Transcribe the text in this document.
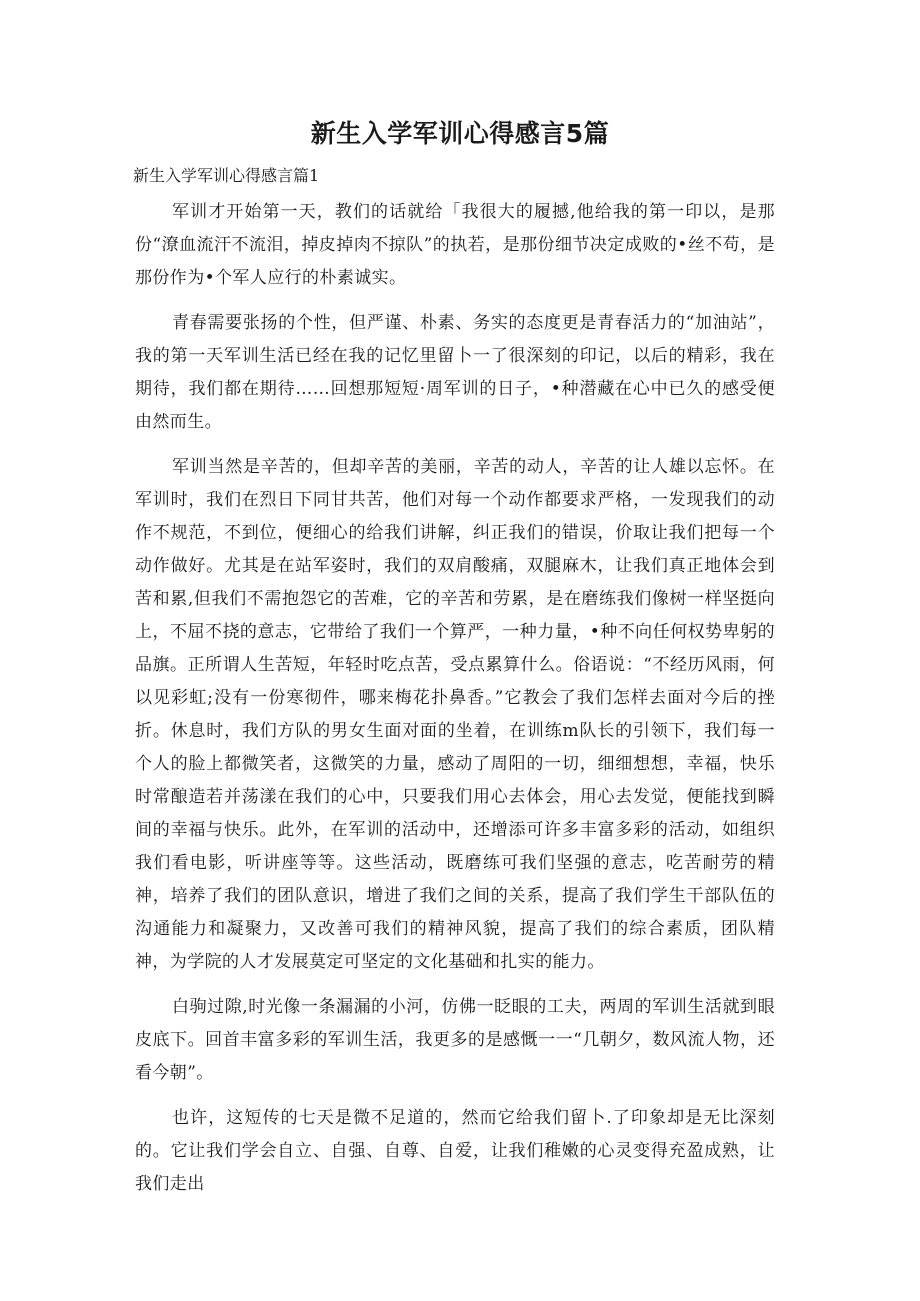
新生入学军训心得感言5篇

新生入学军训心得感言篇1

军训才开始第一天，教们的话就给「我很大的履撼,他给我的第一印以，是那份“潦血流汗不流泪，掉皮掉肉不掠队”的执若，是那份细节决定成败的•丝不苟，是那份作为•个军人应行的朴素诚实。

青春需要张扬的个性，但严谨、朴素、务实的态度更是青春活力的“加油站”，我的第一天军训生活已经在我的记忆里留卜一了很深刻的印记，以后的精彩，我在期待，我们都在期待……回想那短短·周军训的日子，•种潜藏在心中已久的感受便由然而生。

军训当然是辛苦的，但却辛苦的美丽，辛苦的动人，辛苦的让人雄以忘怀。在军训时，我们在烈日下同甘共苦，他们对每一个动作都要求严格，一发现我们的动作不规范，不到位，便细心的给我们讲解，纠正我们的错误，价取让我们把每一个动作做好。尤其是在站军姿时，我们的双肩酸痛，双腿麻木，让我们真正地体会到苦和累,但我们不需抱怨它的苦难，它的辛苦和劳累，是在磨练我们像树一样坚挺向上，不屈不挠的意志，它带给了我们一个算严，一种力量，•种不向任何权势卑躬的品旗。正所谓人生苦短，年轻时吃点苦，受点累算什么。俗语说：“不经历风雨，何以见彩虹;没有一份寒彻件，哪来梅花扑鼻香。”它教会了我们怎样去面对今后的挫折。休息时，我们方队的男女生面对面的坐着，在训练m队长的引领下，我们每一个人的脸上都微笑者，这微笑的力量，感动了周阳的一切，细细想想，幸福，快乐时常酿造若并荡漾在我们的心中，只要我们用心去体会，用心去发觉，便能找到瞬间的幸福与快乐。此外，在军训的活动中，还增添可许多丰富多彩的活动，如组织我们看电影，听讲座等等。这些活动，既磨练可我们坚强的意志，吃苦耐劳的精神，培养了我们的团队意识，增进了我们之间的关系，提高了我们学生干部队伍的沟通能力和凝聚力，又改善可我们的精神风貌，提高了我们的综合素质，团队精神，为学院的人才发展莫定可坚定的文化基础和扎实的能力。

白驹过隙,时光像一条漏漏的小河，仿佛一眨眼的工夫，两周的军训生活就到眼皮底下。回首丰富多彩的军训生活，我更多的是感慨一一“几朝夕，数风流人物，还看今朝”。

也许，这短传的七天是微不足道的，然而它给我们留卜.了印象却是无比深刻的。它让我们学会自立、自强、自尊、自爱，让我们稚嫩的心灵变得充盈成熟，让我们走出
